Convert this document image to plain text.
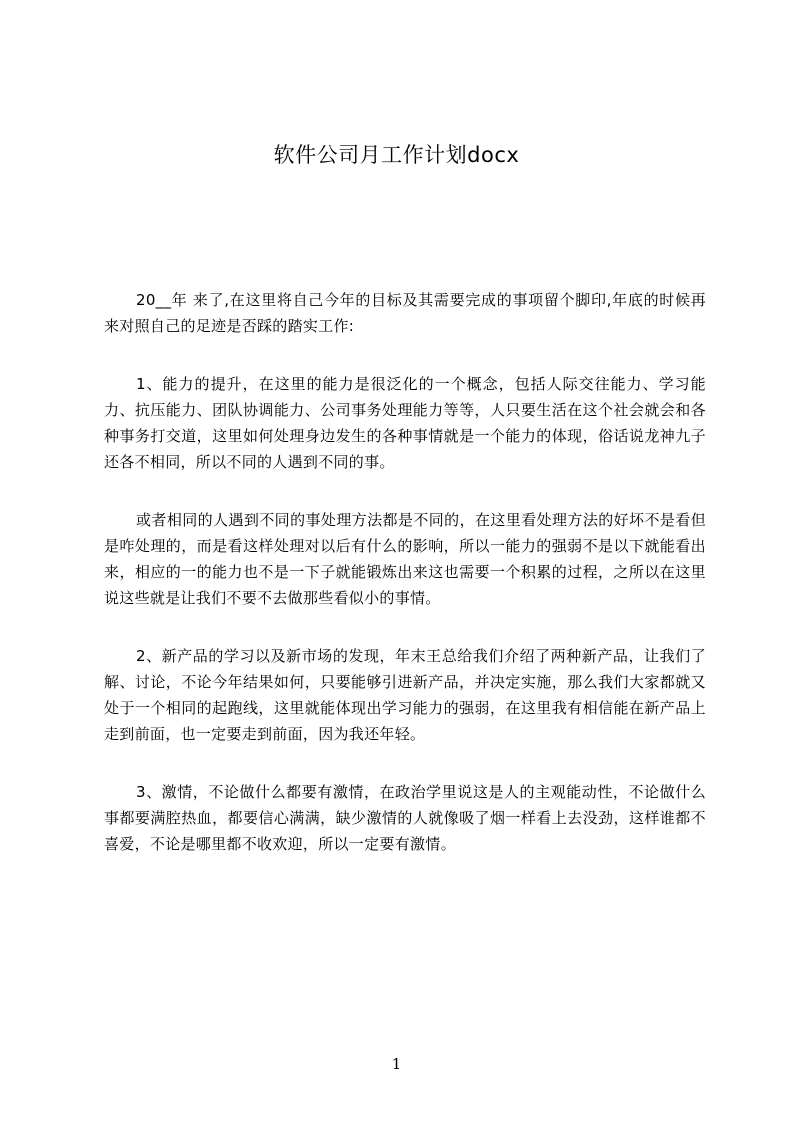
软件公司月工作计划docx

20__年 来了,在这里将自己今年的目标及其需要完成的事项留个脚印,年底的时候再来对照自己的足迹是否踩的踏实工作:

1、能力的提升，在这里的能力是很泛化的一个概念，包括人际交往能力、学习能力、抗压能力、团队协调能力、公司事务处理能力等等，人只要生活在这个社会就会和各种事务打交道，这里如何处理身边发生的各种事情就是一个能力的体现，俗话说龙神九子还各不相同，所以不同的人遇到不同的事。

或者相同的人遇到不同的事处理方法都是不同的，在这里看处理方法的好坏不是看但是咋处理的，而是看这样处理对以后有什么的影响，所以一能力的强弱不是以下就能看出来，相应的一的能力也不是一下子就能锻炼出来这也需要一个积累的过程，之所以在这里说这些就是让我们不要不去做那些看似小的事情。

2、新产品的学习以及新市场的发现，年末王总给我们介绍了两种新产品，让我们了解、讨论，不论今年结果如何，只要能够引进新产品，并决定实施，那么我们大家都就又处于一个相同的起跑线，这里就能体现出学习能力的强弱，在这里我有相信能在新产品上走到前面，也一定要走到前面，因为我还年轻。

3、激情，不论做什么都要有激情，在政治学里说这是人的主观能动性，不论做什么事都要满腔热血，都要信心满满，缺少激情的人就像吸了烟一样看上去没劲，这样谁都不喜爱，不论是哪里都不收欢迎，所以一定要有激情。

1
